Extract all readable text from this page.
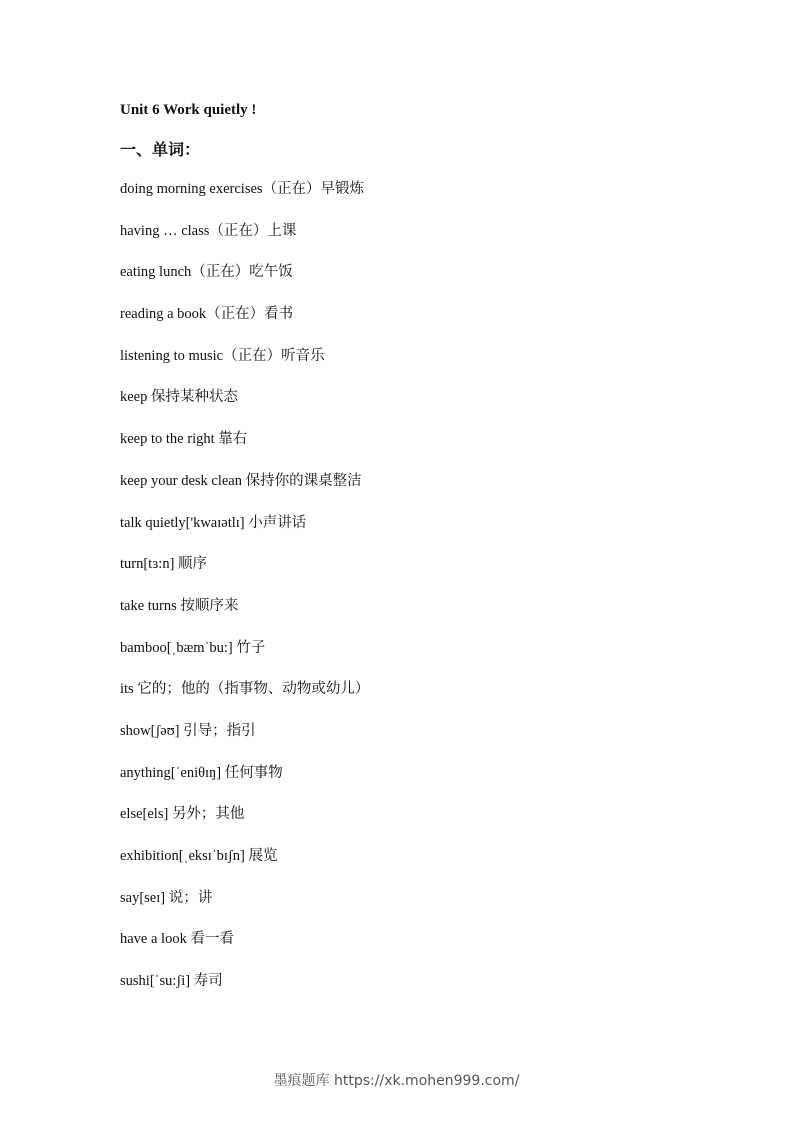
Unit 6 Work quietly !
一、单词：
doing morning exercises（正在）早锻炼
having … class（正在）上课
eating lunch（正在）吃午饭
reading a book（正在）看书
listening to music（正在）听音乐
keep 保持某种状态
keep to the right 靠右
keep your desk clean 保持你的课桌整洁
talk quietly['kwaɪətlɪ] 小声讲话
turn[tɜ:n] 顺序
take turns 按顺序来
bamboo[ˌbæmˈbu:] 竹子
its 它的；他的（指事物、动物或幼儿）
show[ʃəʊ] 引导；指引
anything[ˈeniθɪŋ] 任何事物
else[els] 另外；其他
exhibition[ˌeksɪˈbɪʃn] 展览
say[seɪ] 说；讲
have a look 看一看
sushi[ˈsu:ʃi] 寿司
墨痕题库 https://xk.mohen999.com/
